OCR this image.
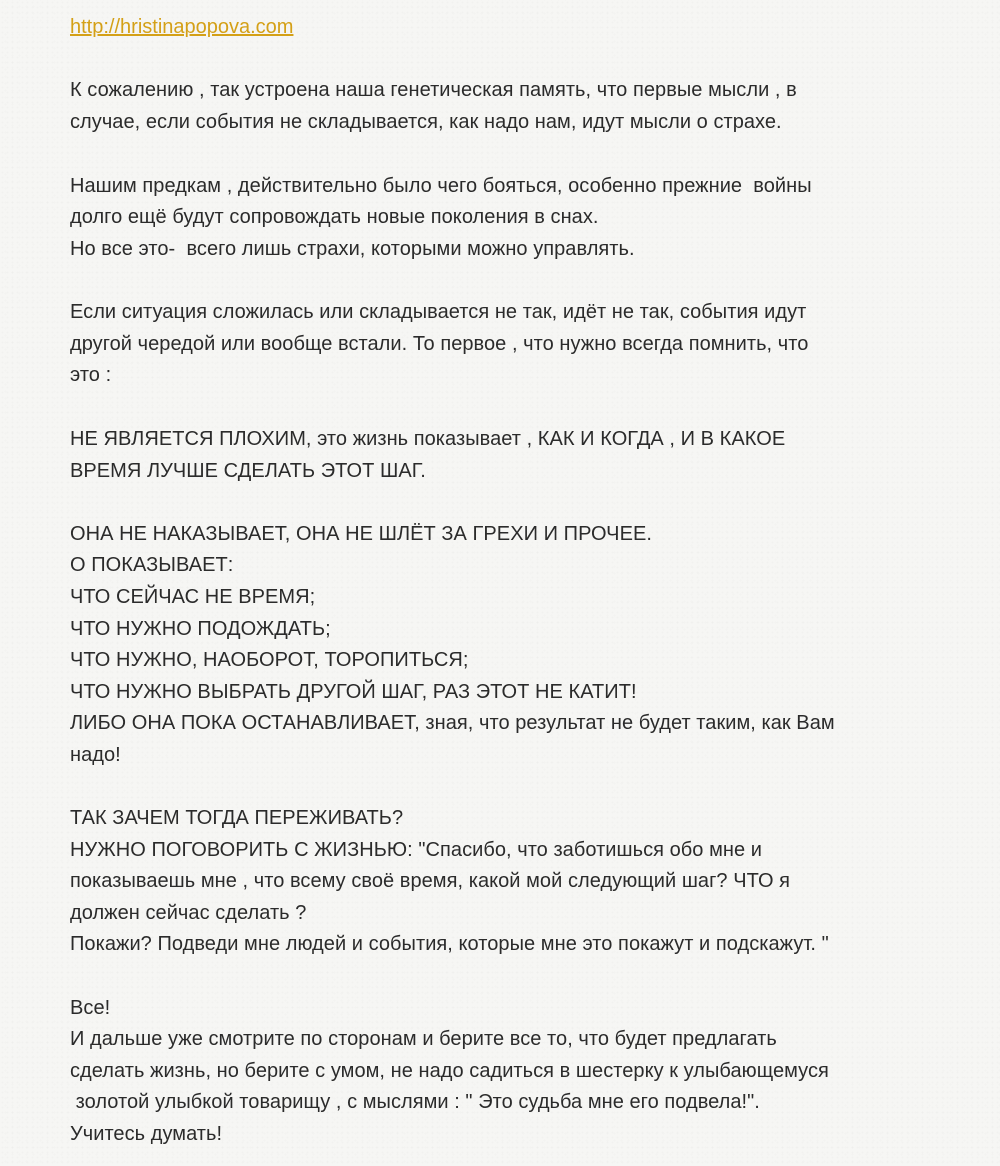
http://hristinapopova.com
К сожалению , так устроена наша генетическая память, что первые мысли , в
случае, если события не складывается, как надо нам, идут мысли о страхе.
Нашим предкам , действительно было чего бояться, особенно прежние  войны
долго ещё будут сопровождать новые поколения в снах.
Но все это-  всего лишь страхи, которыми можно управлять.
Если ситуация сложилась или складывается не так, идёт не так, события идут
другой чередой или вообще встали. То первое , что нужно всегда помнить, что
это :
НЕ ЯВЛЯЕТСЯ ПЛОХИМ, это жизнь показывает , КАК И КОГДА , И В КАКОЕ
ВРЕМЯ ЛУЧШЕ СДЕЛАТЬ ЭТОТ ШАГ.
ОНА НЕ НАКАЗЫВАЕТ, ОНА НЕ ШЛЁТ ЗА ГРЕХИ И ПРОЧЕЕ.
О ПОКАЗЫВАЕТ:
ЧТО СЕЙЧАС НЕ ВРЕМЯ;
ЧТО НУЖНО ПОДОЖДАТЬ;
ЧТО НУЖНО, НАОБОРОТ, ТОРОПИТЬСЯ;
ЧТО НУЖНО ВЫБРАТЬ ДРУГОЙ ШАГ, РАЗ ЭТОТ НЕ КАТИТ!
ЛИБО ОНА ПОКА ОСТАНАВЛИВАЕТ, зная, что результат не будет таким, как Вам
надо!
ТАК ЗАЧЕМ ТОГДА ПЕРЕЖИВАТЬ?
НУЖНО ПОГОВОРИТЬ С ЖИЗНЬЮ: "Спасибо, что заботишься обо мне и
показываешь мне , что всему своё время, какой мой следующий шаг? ЧТО я
должен сейчас сделать ?
Покажи? Подведи мне людей и события, которые мне это покажут и подскажут. "
Все!
И дальше уже смотрите по сторонам и берите все то, что будет предлагать
сделать жизнь, но берите с умом, не надо садиться в шестерку к улыбающемуся
золотой улыбкой товарищу , с мыслями : " Это судьба мне его подвела!".
Учитесь думать!
